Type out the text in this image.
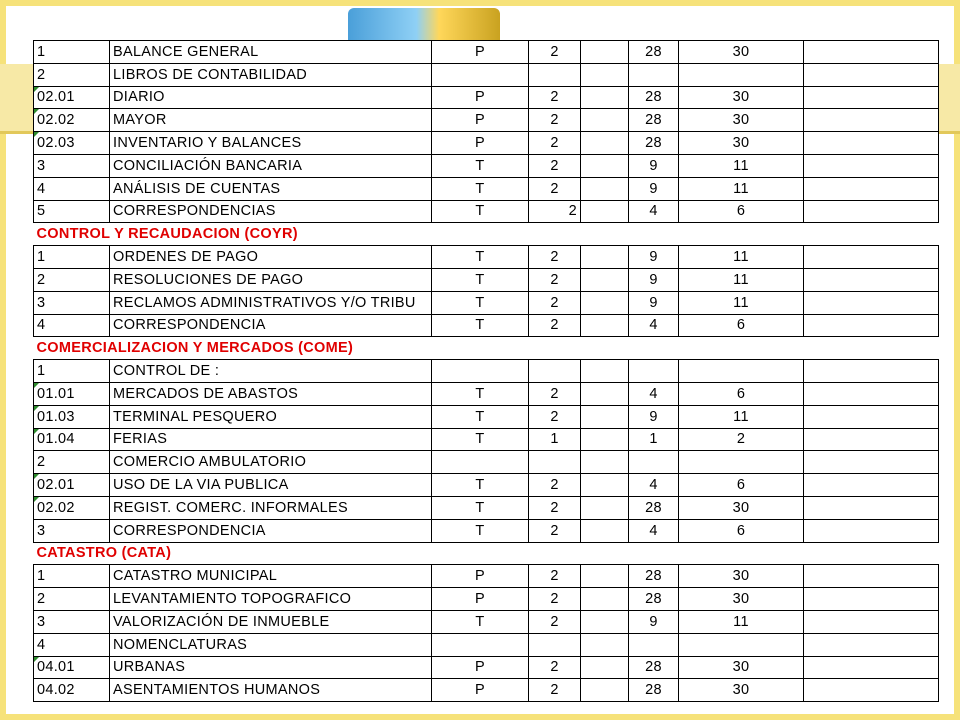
1	BALANCE GENERAL	P	2		28	30	
2	LIBROS DE CONTABILIDAD						
02.01	DIARIO	P	2		28	30	
02.02	MAYOR	P	2		28	30	
02.03	INVENTARIO Y BALANCES	P	2		28	30	
3	CONCILIACIÓN BANCARIA	T	2		9	11	
4	ANÁLISIS DE CUENTAS	T	2		9	11	
5	CORRESPONDENCIAS	T	2		4	6	
CONTROL Y RECAUDACION (COYR)							
1	ORDENES DE PAGO	T	2		9	11	
2	RESOLUCIONES DE PAGO	T	2		9	11	
3	RECLAMOS ADMINISTRATIVOS Y/O TRIBU	T	2		9	11	
4	CORRESPONDENCIA	T	2		4	6	
COMERCIALIZACION Y MERCADOS (COME)							
1	CONTROL DE :						
01.01	MERCADOS DE ABASTOS	T	2		4	6	
01.03	TERMINAL PESQUERO	T	2		9	11	
01.04	FERIAS	T	1		1	2	
2	COMERCIO AMBULATORIO						
02.01	USO DE LA VIA PUBLICA	T	2		4	6	
02.02	REGIST. COMERC. INFORMALES	T	2		28	30	
3	CORRESPONDENCIA	T	2		4	6	
CATASTRO (CATA)							
1	CATASTRO MUNICIPAL	P	2		28	30	
2	LEVANTAMIENTO TOPOGRAFICO	P	2		28	30	
3	VALORIZACIÓN DE INMUEBLE	T	2		9	11	
4	NOMENCLATURAS						
04.01	URBANAS	P	2		28	30	
04.02	ASENTAMIENTOS HUMANOS	P	2		28	30	
